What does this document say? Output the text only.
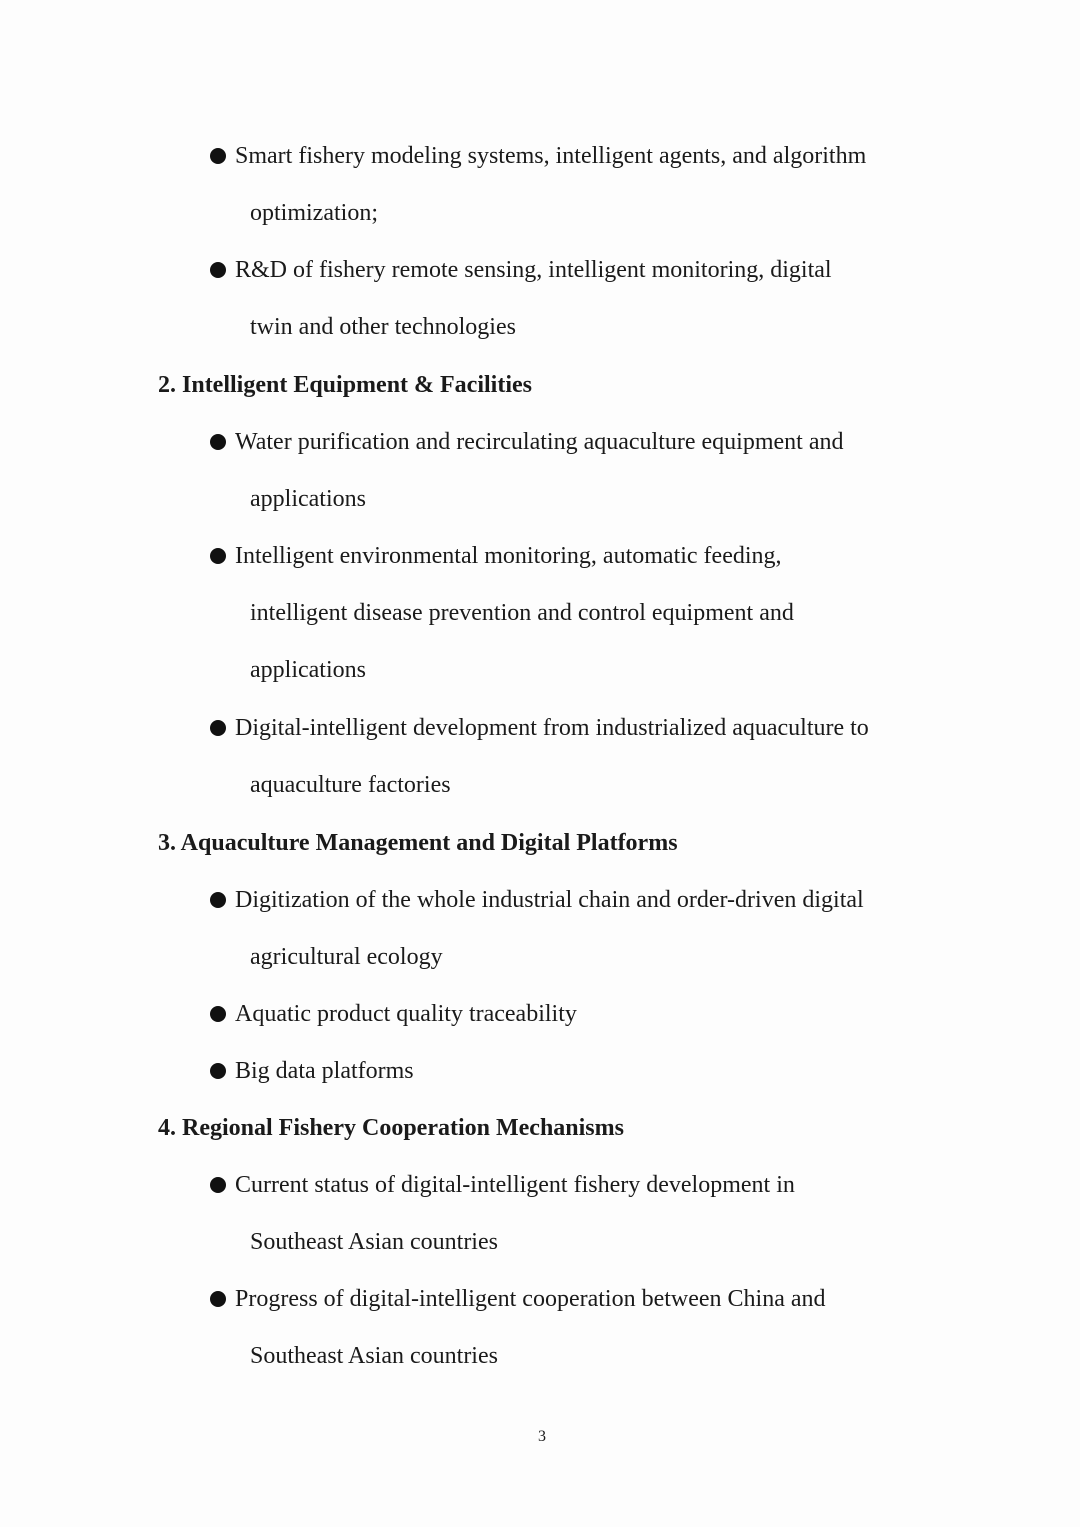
Smart fishery modeling systems, intelligent agents, and algorithm
optimization;
R&D of fishery remote sensing, intelligent monitoring, digital
twin and other technologies
2. Intelligent Equipment & Facilities
Water purification and recirculating aquaculture equipment and
applications
Intelligent environmental monitoring, automatic feeding,
intelligent disease prevention and control equipment and
applications
Digital-intelligent development from industrialized aquaculture to
aquaculture factories
3. Aquaculture Management and Digital Platforms
Digitization of the whole industrial chain and order-driven digital
agricultural ecology
Aquatic product quality traceability
Big data platforms
4. Regional Fishery Cooperation Mechanisms
Current status of digital-intelligent fishery development in
Southeast Asian countries
Progress of digital-intelligent cooperation between China and
Southeast Asian countries
3
